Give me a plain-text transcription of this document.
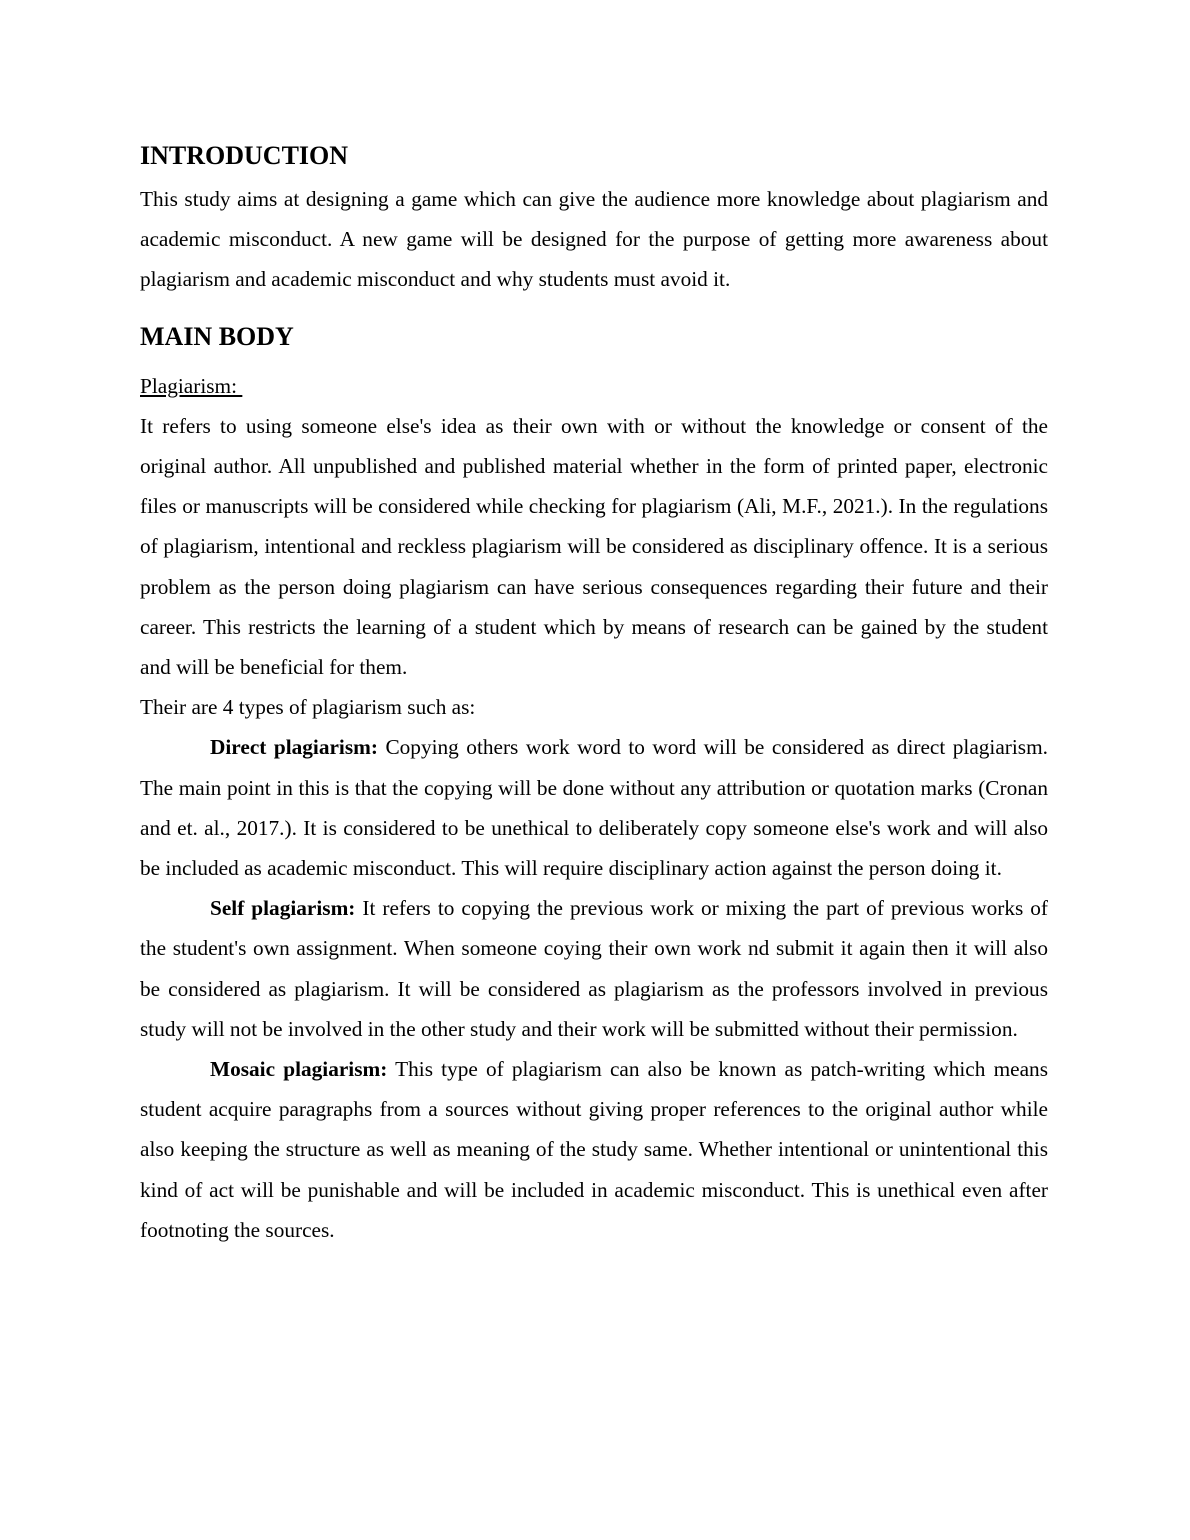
INTRODUCTION

This study aims at designing a game which can give the audience more knowledge about plagiarism and academic misconduct. A new game will be designed for the purpose of getting more awareness about plagiarism and academic misconduct and why students must avoid it.

MAIN BODY
Plagiarism:

It refers to using someone else's idea as their own with or without the knowledge or consent of the original author. All unpublished and published material whether in the form of printed paper, electronic files or manuscripts will be considered while checking for plagiarism (Ali, M.F., 2021.). In the regulations of plagiarism, intentional and reckless plagiarism will be considered as disciplinary offence. It is a serious problem as the person doing plagiarism can have serious consequences regarding their future and their career. This restricts the learning of a student which by means of research can be gained by the student and will be beneficial for them.

Their are 4 types of plagiarism such as:

Direct plagiarism: Copying others work word to word will be considered as direct plagiarism. The main point in this is that the copying will be done without any attribution or quotation marks (Cronan and et. al., 2017.). It is considered to be unethical to deliberately copy someone else's work and will also be included as academic misconduct. This will require disciplinary action against the person doing it.

Self plagiarism: It refers to copying the previous work or mixing the part of previous works of the student's own assignment. When someone coying their own work nd submit it again then it will also be considered as plagiarism. It will be considered as plagiarism as the professors involved in previous study will not be involved in the other study and their work will be submitted without their permission.

Mosaic plagiarism: This type of plagiarism can also be known as patch-writing which means student acquire paragraphs from a sources without giving proper references to the original author while also keeping the structure as well as meaning of the study same. Whether intentional or unintentional this kind of act will be punishable and will be included in academic misconduct. This is unethical even after footnoting the sources.
